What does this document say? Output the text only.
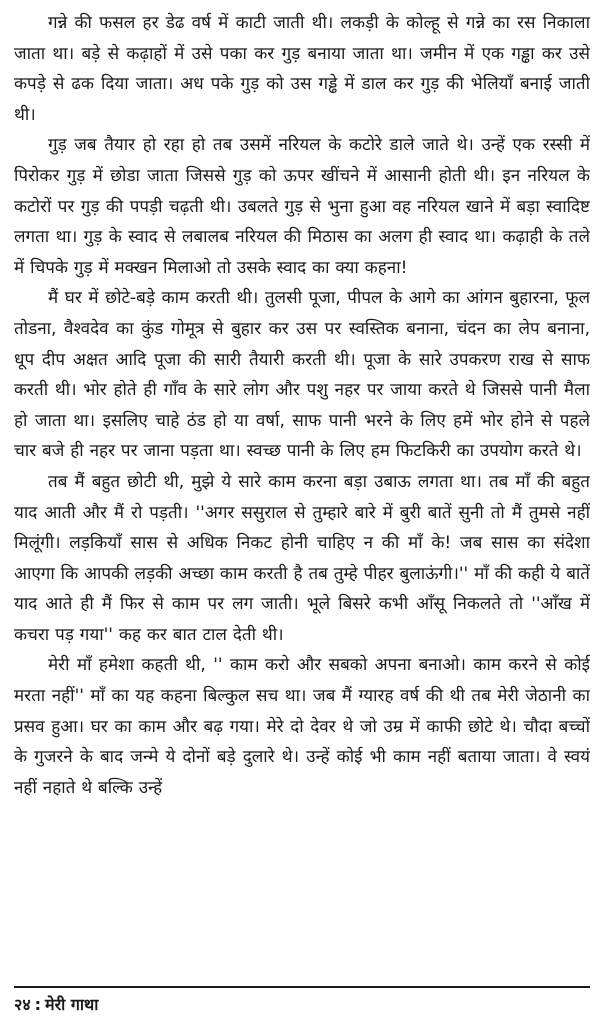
गन्ने की फसल हर डेढ वर्ष में काटी जाती थी। लकड़ी के कोल्हू से गन्ने का रस निकाला जाता था। बड़े से कढ़ाहों में उसे पका कर गुड़ बनाया जाता था। जमीन में एक गड्ढा कर उसे कपड़े से ढक दिया जाता। अध पके गुड़ को उस गड्ढे में डाल कर गुड़ की भेलियाँ बनाई जाती थी।

गुड़ जब तैयार हो रहा हो तब उसमें नरियल के कटोरे डाले जाते थे। उन्हें एक रस्सी में पिरोकर गुड़ में छोडा जाता जिससे गुड़ को ऊपर खींचने में आसानी होती थी। इन नरियल के कटोरों पर गुड़ की पपड़ी चढ़ती थी। उबलते गुड़ से भुना हुआ वह नरियल खाने में बड़ा स्वादिष्ट लगता था। गुड़ के स्वाद से लबालब नरियल की मिठास का अलग ही स्वाद था। कढ़ाही के तले में चिपके गुड़ में मक्खन मिलाओ तो उसके स्वाद का क्या कहना!

मैं घर में छोटे-बड़े काम करती थी। तुलसी पूजा, पीपल के आगे का आंगन बुहारना, फूल तोडना, वैश्वदेव का कुंड गोमूत्र से बुहार कर उस पर स्वस्तिक बनाना, चंदन का लेप बनाना, धूप दीप अक्षत आदि पूजा की सारी तैयारी करती थी। पूजा के सारे उपकरण राख से साफ करती थी। भोर होते ही गाँव के सारे लोग और पशु नहर पर जाया करते थे जिससे पानी मैला हो जाता था। इसलिए चाहे ठंड हो या वर्षा, साफ पानी भरने के लिए हमें भोर होने से पहले चार बजे ही नहर पर जाना पड़ता था। स्वच्छ पानी के लिए हम फिटकिरी का उपयोग करते थे।

तब मैं बहुत छोटी थी, मुझे ये सारे काम करना बड़ा उबाऊ लगता था। तब माँ की बहुत याद आती और मैं रो पड़ती। ''अगर ससुराल से तुम्हारे बारे में बुरी बातें सुनी तो मैं तुमसे नहीं मिलूंगी। लड़कियाँ सास से अधिक निकट होनी चाहिए न की माँ के! जब सास का संदेशा आएगा कि आपकी लड़की अच्छा काम करती है तब तुम्हे पीहर बुलाऊंगी।'' माँ की कही ये बातें याद आते ही मैं फिर से काम पर लग जाती। भूले बिसरे कभी आँसू निकलते तो ''आँख में कचरा पड़ गया'' कह कर बात टाल देती थी।

मेरी माँ हमेशा कहती थी, '' काम करो और सबको अपना बनाओ। काम करने से कोई मरता नहीं'' माँ का यह कहना बिल्कुल सच था। जब मैं ग्यारह वर्ष की थी तब मेरी जेठानी का प्रसव हुआ। घर का काम और बढ़ गया। मेरे दो देवर थे जो उम्र में काफी छोटे थे। चौदा बच्चों के गुजरने के बाद जन्मे ये दोनों बड़े दुलारे थे। उन्हें कोई भी काम नहीं बताया जाता। वे स्वयं नहीं नहाते थे बल्कि उन्हें

२४ : मेरी गाथा
